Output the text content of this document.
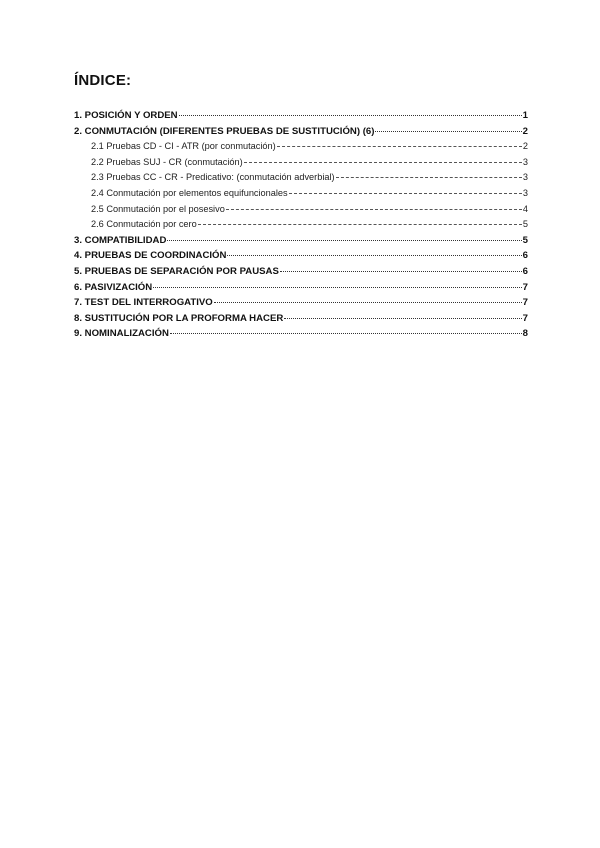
ÍNDICE:
1. POSICIÓN Y ORDEN	1
2. CONMUTACIÓN (DIFERENTES PRUEBAS DE SUSTITUCIÓN) (6)	2
2.1 Pruebas CD - CI - ATR (por conmutación)	2
2.2 Pruebas SUJ - CR (conmutación)	3
2.3 Pruebas CC - CR - Predicativo: (conmutación adverbial)	3
2.4 Conmutación por elementos equifuncionales	3
2.5 Conmutación por el posesivo	4
2.6 Conmutación por cero	5
3. COMPATIBILIDAD	5
4. PRUEBAS DE COORDINACIÓN	6
5. PRUEBAS DE SEPARACIÓN POR PAUSAS	6
6. PASIVIZACIÓN	7
7. TEST DEL INTERROGATIVO	7
8. SUSTITUCIÓN POR LA PROFORMA HACER	7
9. NOMINALIZACIÓN	8
